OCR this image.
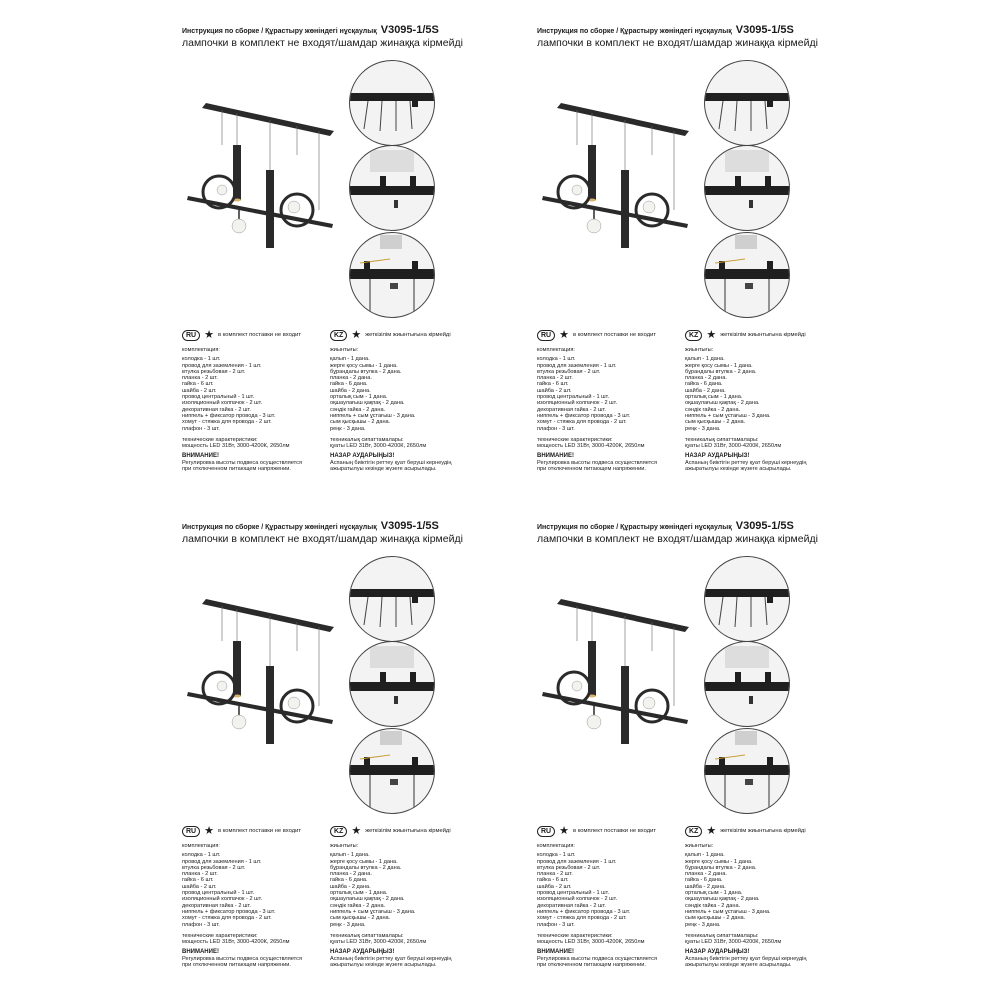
Инструкция по сборке / Құрастыру жөніндегі нұсқаулық V3095-1/5S
лампочки в комплект не входят/шамдар жинаққа кірмейді
RU ★ в комплект поставки не входит
комплектация:
колодка - 1 шт.
провод для заземления - 1 шт.
втулка резьбовая - 2 шт.
планка - 2 шт.
гайка - 6 шт.
шайба - 2 шт.
провод центральный - 1 шт.
изоляционный колпачок - 2 шт.
декоративная гайка - 2 шт.
ниппель + фиксатор провода - 3 шт.
хомут - стяжка для провода - 2 шт.
плафон - 3 шт.
технические характеристики:
мощность LED 31Вт, 3000-4200К, 2650лм
ВНИМАНИЕ!
Регулировка высоты подвеса осуществляется
при отключенном питающем напряжении.
KZ ★ жеткізілім жиынтығына кірмейді
жиынтығы:
қалып - 1 дана.
жерге қосу сымы - 1 дана.
бұрандалы втулка - 2 дана.
планка - 2 дана.
гайка - 6 дана.
шайба - 2 дана.
орталық сым - 1 дана.
оқшаулағыш қақпақ - 2 дана.
сәндік гайка - 2 дана.
ниппель + сым ұстағыш - 3 дана.
сым қысқышы - 2 дана.
реңк - 3 дана.
техникалық сипаттамалары:
қуаты LED 31Вт, 3000-4200К, 2650лм
НАЗАР АУДАРЫҢЫЗ!
Аспаның биіктігін реттеу қуат беруші кернеудің
ажыратылуы кезінде жүзеге асырылады.
Инструкция по сборке / Құрастыру жөніндегі нұсқаулық V3095-1/5S
лампочки в комплект не входят/шамдар жинаққа кірмейді
RU ★ в комплект поставки не входит
комплектация:
колодка - 1 шт.
провод для заземления - 1 шт.
втулка резьбовая - 2 шт.
планка - 2 шт.
гайка - 6 шт.
шайба - 2 шт.
провод центральный - 1 шт.
изоляционный колпачок - 2 шт.
декоративная гайка - 2 шт.
ниппель + фиксатор провода - 3 шт.
хомут - стяжка для провода - 2 шт.
плафон - 3 шт.
технические характеристики:
мощность LED 31Вт, 3000-4200К, 2650лм
ВНИМАНИЕ!
Регулировка высоты подвеса осуществляется
при отключенном питающем напряжении.
KZ ★ жеткізілім жиынтығына кірмейді
жиынтығы:
қалып - 1 дана.
жерге қосу сымы - 1 дана.
бұрандалы втулка - 2 дана.
планка - 2 дана.
гайка - 6 дана.
шайба - 2 дана.
орталық сым - 1 дана.
оқшаулағыш қақпақ - 2 дана.
сәндік гайка - 2 дана.
ниппель + сым ұстағыш - 3 дана.
сым қысқышы - 2 дана.
реңк - 3 дана.
техникалық сипаттамалары:
қуаты LED 31Вт, 3000-4200К, 2650лм
НАЗАР АУДАРЫҢЫЗ!
Аспаның биіктігін реттеу қуат беруші кернеудің
ажыратылуы кезінде жүзеге асырылады.
Инструкция по сборке / Құрастыру жөніндегі нұсқаулық V3095-1/5S
лампочки в комплект не входят/шамдар жинаққа кірмейді
RU ★ в комплект поставки не входит
комплектация:
колодка - 1 шт.
провод для заземления - 1 шт.
втулка резьбовая - 2 шт.
планка - 2 шт.
гайка - 6 шт.
шайба - 2 шт.
провод центральный - 1 шт.
изоляционный колпачок - 2 шт.
декоративная гайка - 2 шт.
ниппель + фиксатор провода - 3 шт.
хомут - стяжка для провода - 2 шт.
плафон - 3 шт.
технические характеристики:
мощность LED 31Вт, 3000-4200К, 2650лм
ВНИМАНИЕ!
Регулировка высоты подвеса осуществляется
при отключенном питающем напряжении.
KZ ★ жеткізілім жиынтығына кірмейді
жиынтығы:
қалып - 1 дана.
жерге қосу сымы - 1 дана.
бұрандалы втулка - 2 дана.
планка - 2 дана.
гайка - 6 дана.
шайба - 2 дана.
орталық сым - 1 дана.
оқшаулағыш қақпақ - 2 дана.
сәндік гайка - 2 дана.
ниппель + сым ұстағыш - 3 дана.
сым қысқышы - 2 дана.
реңк - 3 дана.
техникалық сипаттамалары:
қуаты LED 31Вт, 3000-4200К, 2650лм
НАЗАР АУДАРЫҢЫЗ!
Аспаның биіктігін реттеу қуат беруші кернеудің
ажыратылуы кезінде жүзеге асырылады.
Инструкция по сборке / Құрастыру жөніндегі нұсқаулық V3095-1/5S
лампочки в комплект не входят/шамдар жинаққа кірмейді
RU ★ в комплект поставки не входит
комплектация:
колодка - 1 шт.
провод для заземления - 1 шт.
втулка резьбовая - 2 шт.
планка - 2 шт.
гайка - 6 шт.
шайба - 2 шт.
провод центральный - 1 шт.
изоляционный колпачок - 2 шт.
декоративная гайка - 2 шт.
ниппель + фиксатор провода - 3 шт.
хомут - стяжка для провода - 2 шт.
плафон - 3 шт.
технические характеристики:
мощность LED 31Вт, 3000-4200К, 2650лм
ВНИМАНИЕ!
Регулировка высоты подвеса осуществляется
при отключенном питающем напряжении.
KZ ★ жеткізілім жиынтығына кірмейді
жиынтығы:
қалып - 1 дана.
жерге қосу сымы - 1 дана.
бұрандалы втулка - 2 дана.
планка - 2 дана.
гайка - 6 дана.
шайба - 2 дана.
орталық сым - 1 дана.
оқшаулағыш қақпақ - 2 дана.
сәндік гайка - 2 дана.
ниппель + сым ұстағыш - 3 дана.
сым қысқышы - 2 дана.
реңк - 3 дана.
техникалық сипаттамалары:
қуаты LED 31Вт, 3000-4200К, 2650лм
НАЗАР АУДАРЫҢЫЗ!
Аспаның биіктігін реттеу қуат беруші кернеудің
ажыратылуы кезінде жүзеге асырылады.
